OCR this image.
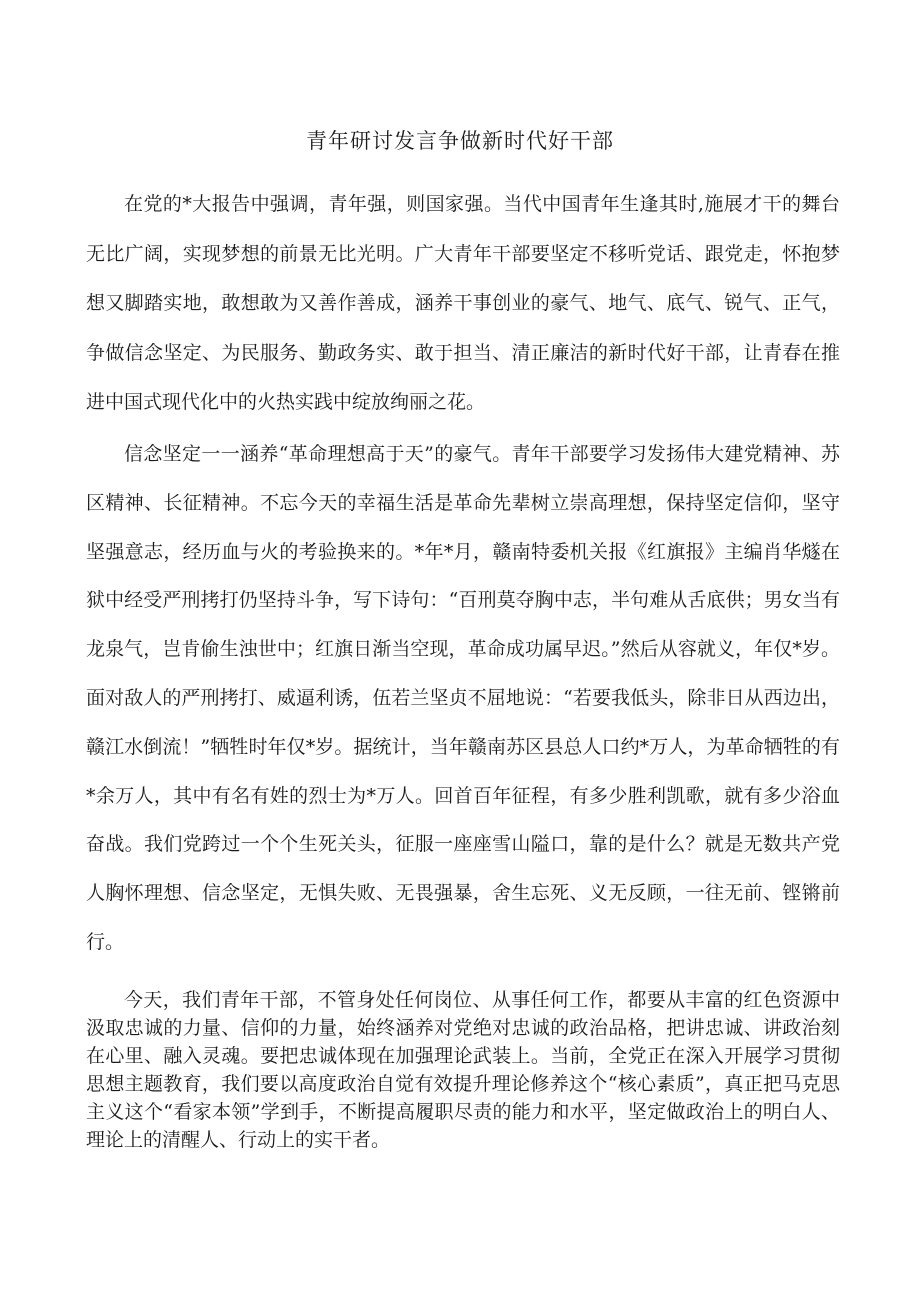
青年研讨发言争做新时代好干部

在党的*大报告中强调，青年强，则国家强。当代中国青年生逢其时,施展才干的舞台无比广阔，实现梦想的前景无比光明。广大青年干部要坚定不移听党话、跟党走，怀抱梦想又脚踏实地，敢想敢为又善作善成，涵养干事创业的豪气、地气、底气、锐气、正气，争做信念坚定、为民服务、勤政务实、敢于担当、清正廉洁的新时代好干部，让青春在推进中国式现代化中的火热实践中绽放绚丽之花。

信念坚定一一涵养“革命理想高于天”的豪气。青年干部要学习发扬伟大建党精神、苏区精神、长征精神。不忘今天的幸福生活是革命先辈树立崇高理想，保持坚定信仰，坚守坚强意志，经历血与火的考验换来的。*年*月，赣南特委机关报《红旗报》主编肖华燧在狱中经受严刑拷打仍坚持斗争，写下诗句：“百刑莫夺胸中志，半句难从舌底供；男女当有龙泉气，岂肯偷生浊世中；红旗日渐当空现，革命成功属早迟。”然后从容就义，年仅*岁。面对敌人的严刑拷打、威逼利诱，伍若兰坚贞不屈地说：“若要我低头，除非日从西边出，赣江水倒流！”牺牲时年仅*岁。据统计，当年赣南苏区县总人口约*万人，为革命牺牲的有*余万人，其中有名有姓的烈士为*万人。回首百年征程，有多少胜利凯歌，就有多少浴血奋战。我们党跨过一个个生死关头，征服一座座雪山隘口，靠的是什么？就是无数共产党人胸怀理想、信念坚定，无惧失败、无畏强暴，舍生忘死、义无反顾，一往无前、铿锵前行。

今天，我们青年干部，不管身处任何岗位、从事任何工作，都要从丰富的红色资源中汲取忠诚的力量、信仰的力量，始终涵养对党绝对忠诚的政治品格，把讲忠诚、讲政治刻在心里、融入灵魂。要把忠诚体现在加强理论武装上。当前，全党正在深入开展学习贯彻思想主题教育，我们要以高度政治自觉有效提升理论修养这个“核心素质”，真正把马克思主义这个“看家本领”学到手，不断提高履职尽责的能力和水平，坚定做政治上的明白人、理论上的清醒人、行动上的实干者。
